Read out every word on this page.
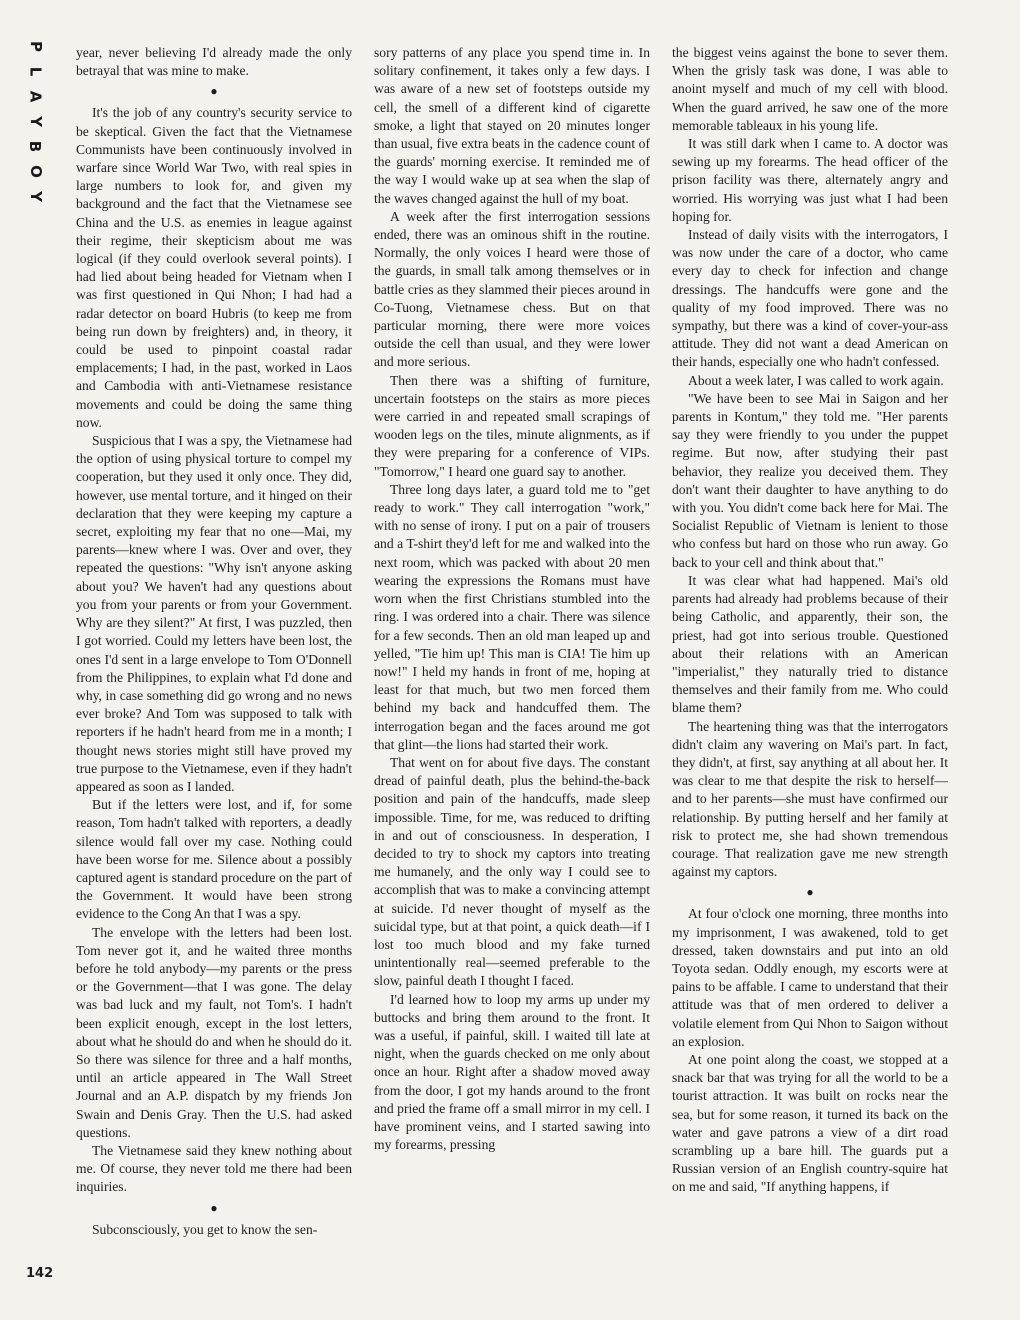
P
L
A
Y
B
O
Y

year, never believing I'd already made the only betrayal that was mine to make.

●

It's the job of any country's security service to be skeptical. Given the fact that the Vietnamese Communists have been continuously involved in warfare since World War Two, with real spies in large numbers to look for, and given my background and the fact that the Vietnamese see China and the U.S. as enemies in league against their regime, their skepticism about me was logical (if they could overlook several points). I had lied about being headed for Vietnam when I was first questioned in Qui Nhon; I had had a radar detector on board Hubris (to keep me from being run down by freighters) and, in theory, it could be used to pinpoint coastal radar emplacements; I had, in the past, worked in Laos and Cambodia with anti-Vietnamese resistance movements and could be doing the same thing now.

Suspicious that I was a spy, the Vietnamese had the option of using physical torture to compel my cooperation, but they used it only once. They did, however, use mental torture, and it hinged on their declaration that they were keeping my capture a secret, exploiting my fear that no one—Mai, my parents—knew where I was. Over and over, they repeated the questions: "Why isn't anyone asking about you? We haven't had any questions about you from your parents or from your Government. Why are they silent?" At first, I was puzzled, then I got worried. Could my letters have been lost, the ones I'd sent in a large envelope to Tom O'Donnell from the Philippines, to explain what I'd done and why, in case something did go wrong and no news ever broke? And Tom was supposed to talk with reporters if he hadn't heard from me in a month; I thought news stories might still have proved my true purpose to the Vietnamese, even if they hadn't appeared as soon as I landed.

But if the letters were lost, and if, for some reason, Tom hadn't talked with reporters, a deadly silence would fall over my case. Nothing could have been worse for me. Silence about a possibly captured agent is standard procedure on the part of the Government. It would have been strong evidence to the Cong An that I was a spy.

The envelope with the letters had been lost. Tom never got it, and he waited three months before he told anybody—my parents or the press or the Government—that I was gone. The delay was bad luck and my fault, not Tom's. I hadn't been explicit enough, except in the lost letters, about what he should do and when he should do it. So there was silence for three and a half months, until an article appeared in The Wall Street Journal and an A.P. dispatch by my friends Jon Swain and Denis Gray. Then the U.S. had asked questions.

The Vietnamese said they knew nothing about me. Of course, they never told me there had been inquiries.

●

Subconsciously, you get to know the sen-

sory patterns of any place you spend time in. In solitary confinement, it takes only a few days. I was aware of a new set of footsteps outside my cell, the smell of a different kind of cigarette smoke, a light that stayed on 20 minutes longer than usual, five extra beats in the cadence count of the guards' morning exercise. It reminded me of the way I would wake up at sea when the slap of the waves changed against the hull of my boat.

A week after the first interrogation sessions ended, there was an ominous shift in the routine. Normally, the only voices I heard were those of the guards, in small talk among themselves or in battle cries as they slammed their pieces around in Co-Tuong, Vietnamese chess. But on that particular morning, there were more voices outside the cell than usual, and they were lower and more serious.

Then there was a shifting of furniture, uncertain footsteps on the stairs as more pieces were carried in and repeated small scrapings of wooden legs on the tiles, minute alignments, as if they were preparing for a conference of VIPs. "Tomorrow," I heard one guard say to another.

Three long days later, a guard told me to "get ready to work." They call interrogation "work," with no sense of irony. I put on a pair of trousers and a T-shirt they'd left for me and walked into the next room, which was packed with about 20 men wearing the expressions the Romans must have worn when the first Christians stumbled into the ring. I was ordered into a chair. There was silence for a few seconds. Then an old man leaped up and yelled, "Tie him up! This man is CIA! Tie him up now!" I held my hands in front of me, hoping at least for that much, but two men forced them behind my back and handcuffed them. The interrogation began and the faces around me got that glint—the lions had started their work.

That went on for about five days. The constant dread of painful death, plus the behind-the-back position and pain of the handcuffs, made sleep impossible. Time, for me, was reduced to drifting in and out of consciousness. In desperation, I decided to try to shock my captors into treating me humanely, and the only way I could see to accomplish that was to make a convincing attempt at suicide. I'd never thought of myself as the suicidal type, but at that point, a quick death—if I lost too much blood and my fake turned unintentionally real—seemed preferable to the slow, painful death I thought I faced.

I'd learned how to loop my arms up under my buttocks and bring them around to the front. It was a useful, if painful, skill. I waited till late at night, when the guards checked on me only about once an hour. Right after a shadow moved away from the door, I got my hands around to the front and pried the frame off a small mirror in my cell. I have prominent veins, and I started sawing into my forearms, pressing

the biggest veins against the bone to sever them. When the grisly task was done, I was able to anoint myself and much of my cell with blood. When the guard arrived, he saw one of the more memorable tableaux in his young life.

It was still dark when I came to. A doctor was sewing up my forearms. The head officer of the prison facility was there, alternately angry and worried. His worrying was just what I had been hoping for.

Instead of daily visits with the interrogators, I was now under the care of a doctor, who came every day to check for infection and change dressings. The handcuffs were gone and the quality of my food improved. There was no sympathy, but there was a kind of cover-your-ass attitude. They did not want a dead American on their hands, especially one who hadn't confessed.

About a week later, I was called to work again.

"We have been to see Mai in Saigon and her parents in Kontum," they told me. "Her parents say they were friendly to you under the puppet regime. But now, after studying their past behavior, they realize you deceived them. They don't want their daughter to have anything to do with you. You didn't come back here for Mai. The Socialist Republic of Vietnam is lenient to those who confess but hard on those who run away. Go back to your cell and think about that."

It was clear what had happened. Mai's old parents had already had problems because of their being Catholic, and apparently, their son, the priest, had got into serious trouble. Questioned about their relations with an American "imperialist," they naturally tried to distance themselves and their family from me. Who could blame them?

The heartening thing was that the interrogators didn't claim any wavering on Mai's part. In fact, they didn't, at first, say anything at all about her. It was clear to me that despite the risk to herself—and to her parents—she must have confirmed our relationship. By putting herself and her family at risk to protect me, she had shown tremendous courage. That realization gave me new strength against my captors.

●

At four o'clock one morning, three months into my imprisonment, I was awakened, told to get dressed, taken downstairs and put into an old Toyota sedan. Oddly enough, my escorts were at pains to be affable. I came to understand that their attitude was that of men ordered to deliver a volatile element from Qui Nhon to Saigon without an explosion.

At one point along the coast, we stopped at a snack bar that was trying for all the world to be a tourist attraction. It was built on rocks near the sea, but for some reason, it turned its back on the water and gave patrons a view of a dirt road scrambling up a bare hill. The guards put a Russian version of an English country-squire hat on me and said, "If anything happens, if

142
